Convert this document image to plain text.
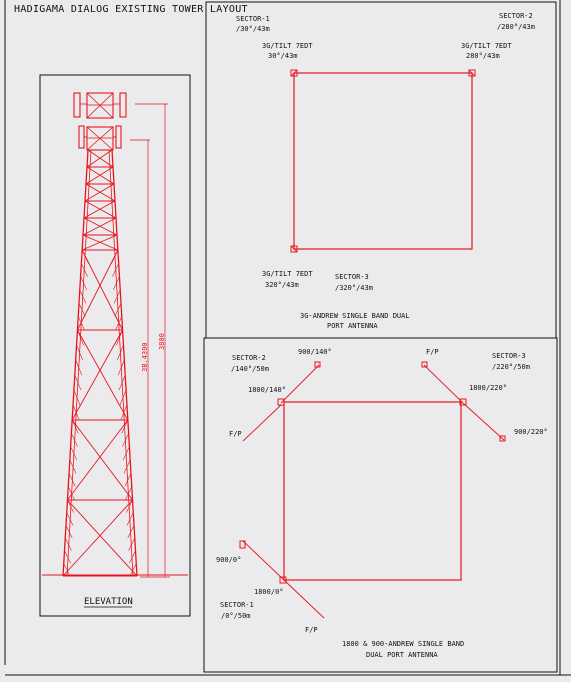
HADIGAMA DIALOG EXISTING TOWER LAYOUT
3B.4300
3800
ELEVATION
SECTOR-1
/30°/43m
3G/TILT 7EDT
30°/43m
SECTOR-2
/280°/43m
3G/TILT 7EDT
280°/43m
3G/TILT 7EDT
320°/43m
SECTOR-3
/320°/43m
3G-ANDREW SINGLE BAND DUAL
PORT ANTENNA
SECTOR-2
/140°/50m
900/140°
1800/140°
F/P
F/P	SECTOR-3
/220°/50m
1800/220°
900/220°
900/0°
1800/0°
SECTOR-1
/0°/50m
F/P
1800 & 900-ANDREW SINGLE BAND
DUAL PORT ANTENNA
